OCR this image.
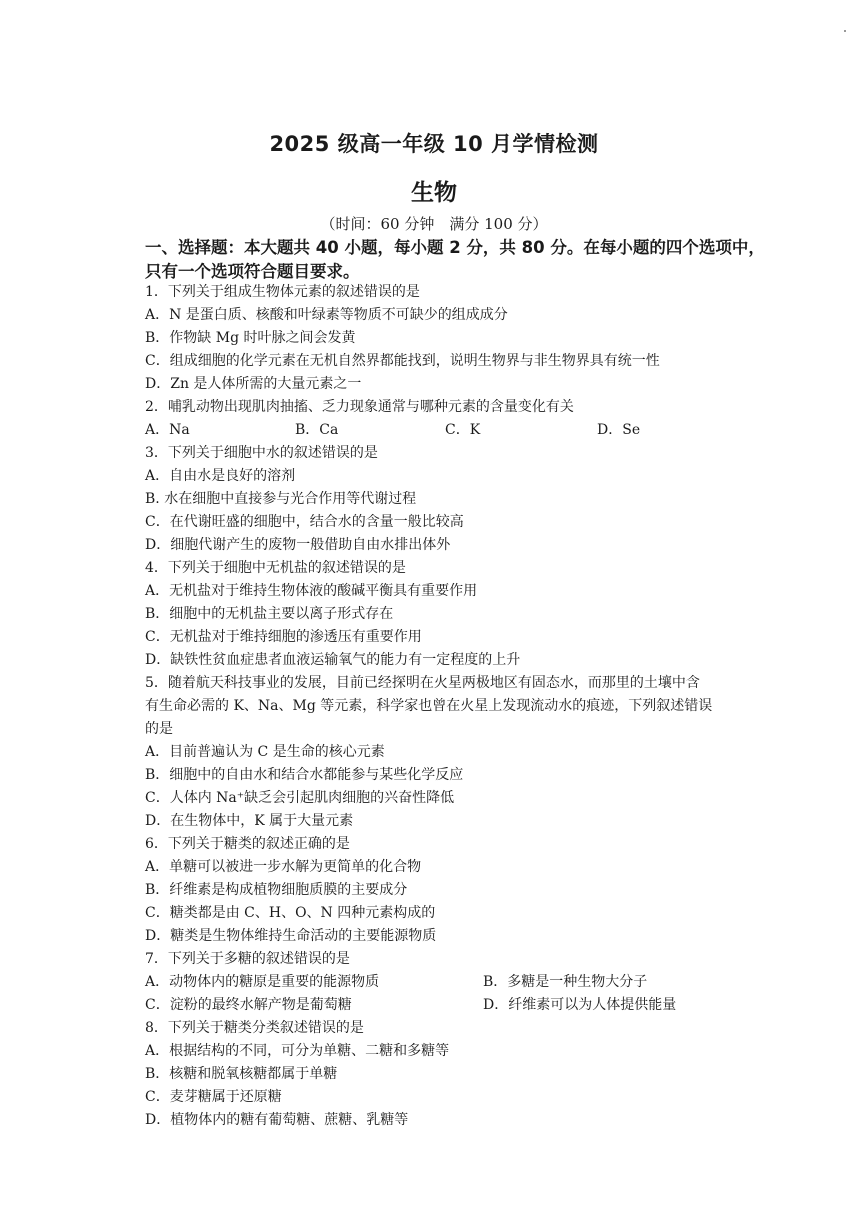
2025 级高一年级 10 月学情检测
生物
（时间：60 分钟　满分 100 分）
一、选择题：本大题共 40 小题，每小题 2 分，共 80 分。在每小题的四个选项中，只有一个选项符合题目要求。
1．下列关于组成生物体元素的叙述错误的是
A．N 是蛋白质、核酸和叶绿素等物质不可缺少的组成成分
B．作物缺 Mg 时叶脉之间会发黄
C．组成细胞的化学元素在无机自然界都能找到，说明生物界与非生物界具有统一性
D．Zn 是人体所需的大量元素之一
2．哺乳动物出现肌肉抽搐、乏力现象通常与哪种元素的含量变化有关
A．Na	B．Ca	C．K	D．Se
3．下列关于细胞中水的叙述错误的是
A．自由水是良好的溶剂
B. 水在细胞中直接参与光合作用等代谢过程
C．在代谢旺盛的细胞中，结合水的含量一般比较高
D．细胞代谢产生的废物一般借助自由水排出体外
4．下列关于细胞中无机盐的叙述错误的是
A．无机盐对于维持生物体液的酸碱平衡具有重要作用
B．细胞中的无机盐主要以离子形式存在
C．无机盐对于维持细胞的渗透压有重要作用
D．缺铁性贫血症患者血液运输氧气的能力有一定程度的上升
5．随着航天科技事业的发展，目前已经探明在火星两极地区有固态水，而那里的土壤中含
有生命必需的 K、Na、Mg 等元素，科学家也曾在火星上发现流动水的痕迹，下列叙述错误
的是
A．目前普遍认为 C 是生命的核心元素
B．细胞中的自由水和结合水都能参与某些化学反应
C．人体内 Na⁺缺乏会引起肌肉细胞的兴奋性降低
D．在生物体中，K 属于大量元素
6．下列关于糖类的叙述正确的是
A．单糖可以被进一步水解为更简单的化合物
B．纤维素是构成植物细胞质膜的主要成分
C．糖类都是由 C、H、O、N 四种元素构成的
D．糖类是生物体维持生命活动的主要能源物质
7．下列关于多糖的叙述错误的是
A．动物体内的糖原是重要的能源物质	B．多糖是一种生物大分子
C．淀粉的最终水解产物是葡萄糖	D．纤维素可以为人体提供能量
8．下列关于糖类分类叙述错误的是
A．根据结构的不同，可分为单糖、二糖和多糖等
B．核糖和脱氧核糖都属于单糖
C．麦芽糖属于还原糖
D．植物体内的糖有葡萄糖、蔗糖、乳糖等
